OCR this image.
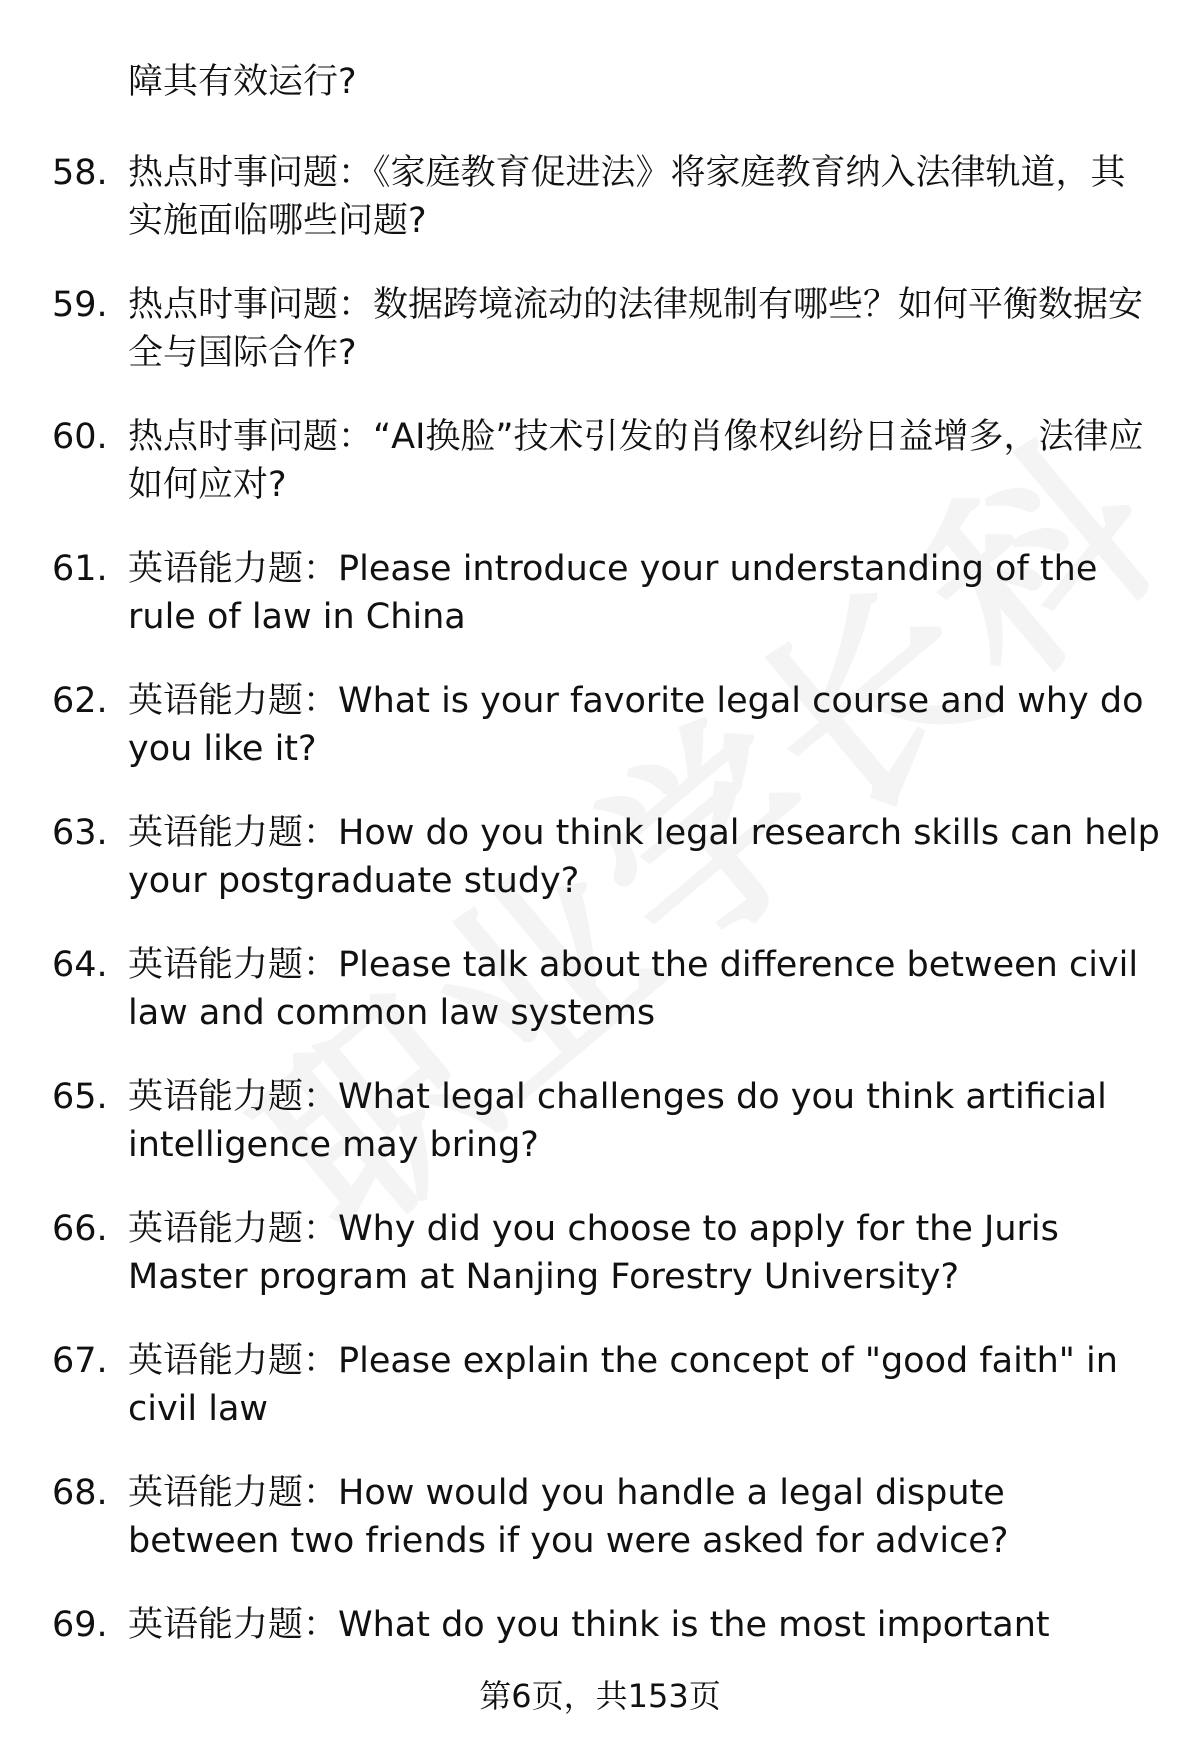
障其有效运行?
58. 热点时事问题：《家庭教育促进法》将家庭教育纳入法律轨道，其实施面临哪些问题?
59. 热点时事问题：数据跨境流动的法律规制有哪些？如何平衡数据安全与国际合作?
60. 热点时事问题：“AI换脸”技术引发的肖像权纠纷日益增多，法律应如何应对?
61. 英语能力题：Please introduce your understanding of the rule of law in China
62. 英语能力题：What is your favorite legal course and why do you like it?
63. 英语能力题：How do you think legal research skills can help your postgraduate study?
64. 英语能力题：Please talk about the difference between civil law and common law systems
65. 英语能力题：What legal challenges do you think artificial intelligence may bring?
66. 英语能力题：Why did you choose to apply for the Juris Master program at Nanjing Forestry University?
67. 英语能力题：Please explain the concept of "good faith" in civil law
68. 英语能力题：How would you handle a legal dispute between two friends if you were asked for advice?
69. 英语能力题：What do you think is the most important
第6页，共153页
